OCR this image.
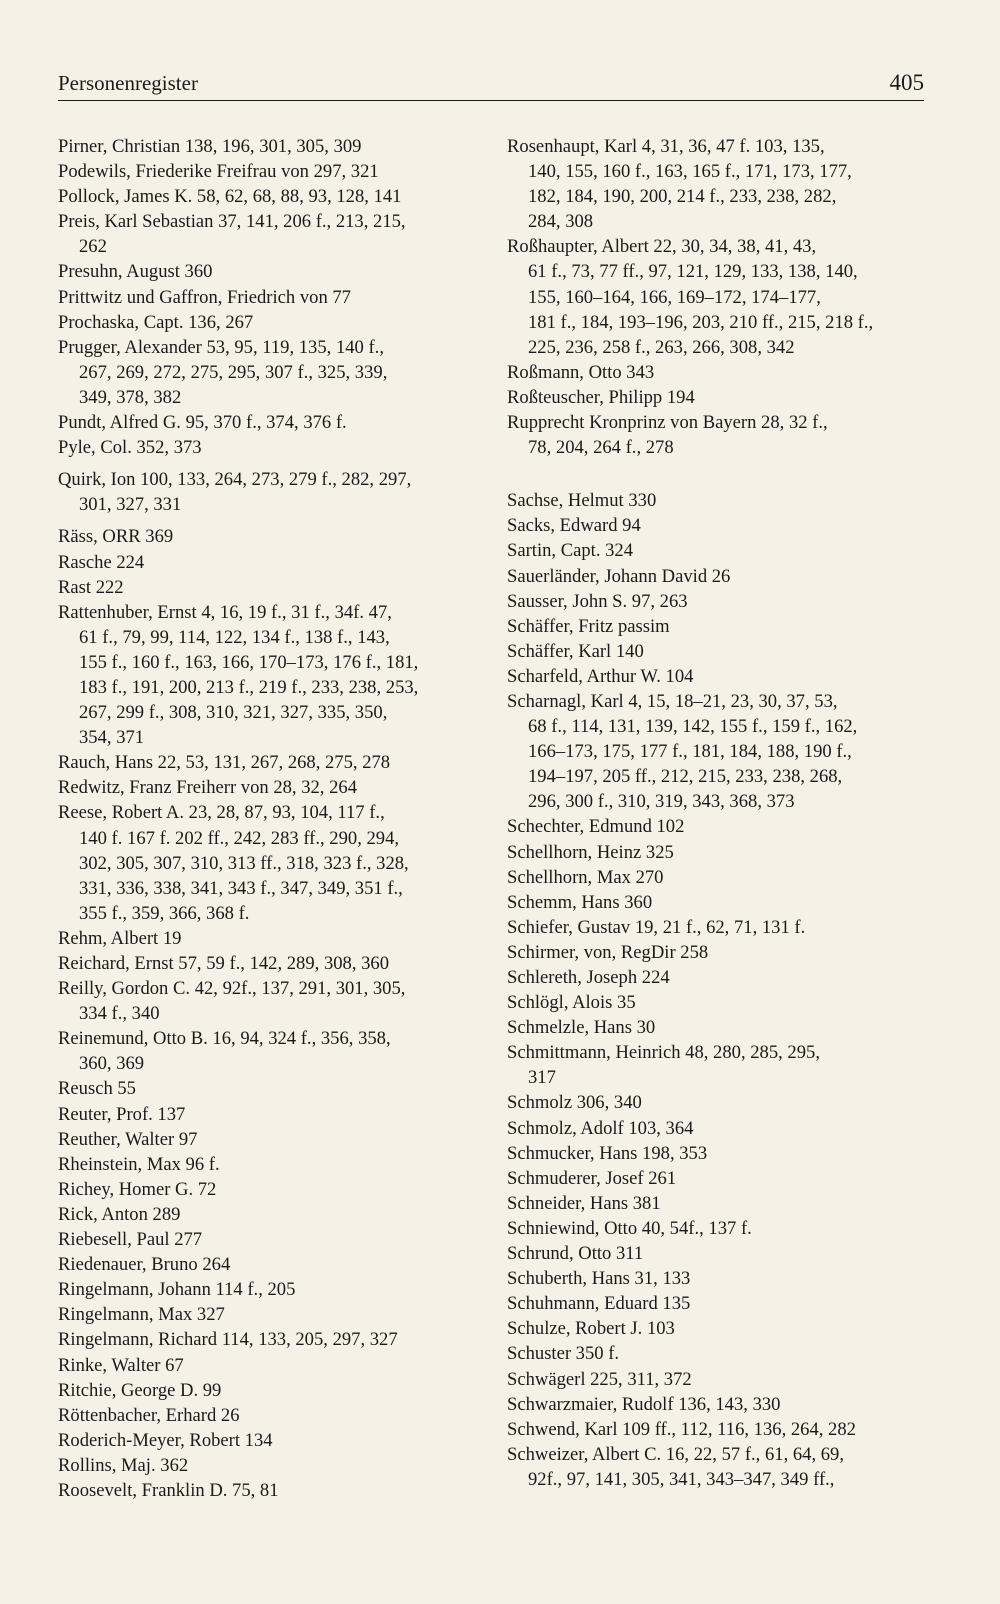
Personenregister	405
Pirner, Christian 138, 196, 301, 305, 309
Podewils, Friederike Freifrau von 297, 321
Pollock, James K. 58, 62, 68, 88, 93, 128, 141
Preis, Karl Sebastian 37, 141, 206 f., 213, 215,
262
Presuhn, August 360
Prittwitz und Gaffron, Friedrich von 77
Prochaska, Capt. 136, 267
Prugger, Alexander 53, 95, 119, 135, 140 f.,
267, 269, 272, 275, 295, 307 f., 325, 339,
349, 378, 382
Pundt, Alfred G. 95, 370 f., 374, 376 f.
Pyle, Col. 352, 373
Quirk, Ion 100, 133, 264, 273, 279 f., 282, 297,
301, 327, 331
Räss, ORR 369
Rasche 224
Rast 222
Rattenhuber, Ernst 4, 16, 19 f., 31 f., 34f. 47,
61 f., 79, 99, 114, 122, 134 f., 138 f., 143,
155 f., 160 f., 163, 166, 170–173, 176 f., 181,
183 f., 191, 200, 213 f., 219 f., 233, 238, 253,
267, 299 f., 308, 310, 321, 327, 335, 350,
354, 371
Rauch, Hans 22, 53, 131, 267, 268, 275, 278
Redwitz, Franz Freiherr von 28, 32, 264
Reese, Robert A. 23, 28, 87, 93, 104, 117 f.,
140 f. 167 f. 202 ff., 242, 283 ff., 290, 294,
302, 305, 307, 310, 313 ff., 318, 323 f., 328,
331, 336, 338, 341, 343 f., 347, 349, 351 f.,
355 f., 359, 366, 368 f.
Rehm, Albert 19
Reichard, Ernst 57, 59 f., 142, 289, 308, 360
Reilly, Gordon C. 42, 92f., 137, 291, 301, 305,
334 f., 340
Reinemund, Otto B. 16, 94, 324 f., 356, 358,
360, 369
Reusch 55
Reuter, Prof. 137
Reuther, Walter 97
Rheinstein, Max 96 f.
Richey, Homer G. 72
Rick, Anton 289
Riebesell, Paul 277
Riedenauer, Bruno 264
Ringelmann, Johann 114 f., 205
Ringelmann, Max 327
Ringelmann, Richard 114, 133, 205, 297, 327
Rinke, Walter 67
Ritchie, George D. 99
Röttenbacher, Erhard 26
Roderich-Meyer, Robert 134
Rollins, Maj. 362
Roosevelt, Franklin D. 75, 81
Rosenhaupt, Karl 4, 31, 36, 47 f. 103, 135,
140, 155, 160 f., 163, 165 f., 171, 173, 177,
182, 184, 190, 200, 214 f., 233, 238, 282,
284, 308
Roßhaupter, Albert 22, 30, 34, 38, 41, 43,
61 f., 73, 77 ff., 97, 121, 129, 133, 138, 140,
155, 160–164, 166, 169–172, 174–177,
181 f., 184, 193–196, 203, 210 ff., 215, 218 f.,
225, 236, 258 f., 263, 266, 308, 342
Roßmann, Otto 343
Roßteuscher, Philipp 194
Rupprecht Kronprinz von Bayern 28, 32 f.,
78, 204, 264 f., 278
Sachse, Helmut 330
Sacks, Edward 94
Sartin, Capt. 324
Sauerländer, Johann David 26
Sausser, John S. 97, 263
Schäffer, Fritz passim
Schäffer, Karl 140
Scharfeld, Arthur W. 104
Scharnagl, Karl 4, 15, 18–21, 23, 30, 37, 53,
68 f., 114, 131, 139, 142, 155 f., 159 f., 162,
166–173, 175, 177 f., 181, 184, 188, 190 f.,
194–197, 205 ff., 212, 215, 233, 238, 268,
296, 300 f., 310, 319, 343, 368, 373
Schechter, Edmund 102
Schellhorn, Heinz 325
Schellhorn, Max 270
Schemm, Hans 360
Schiefer, Gustav 19, 21 f., 62, 71, 131 f.
Schirmer, von, RegDir 258
Schlereth, Joseph 224
Schlögl, Alois 35
Schmelzle, Hans 30
Schmittmann, Heinrich 48, 280, 285, 295,
317
Schmolz 306, 340
Schmolz, Adolf 103, 364
Schmucker, Hans 198, 353
Schmuderer, Josef 261
Schneider, Hans 381
Schniewind, Otto 40, 54f., 137 f.
Schrund, Otto 311
Schuberth, Hans 31, 133
Schuhmann, Eduard 135
Schulze, Robert J. 103
Schuster 350 f.
Schwägerl 225, 311, 372
Schwarzmaier, Rudolf 136, 143, 330
Schwend, Karl 109 ff., 112, 116, 136, 264, 282
Schweizer, Albert C. 16, 22, 57 f., 61, 64, 69,
92f., 97, 141, 305, 341, 343–347, 349 ff.,
